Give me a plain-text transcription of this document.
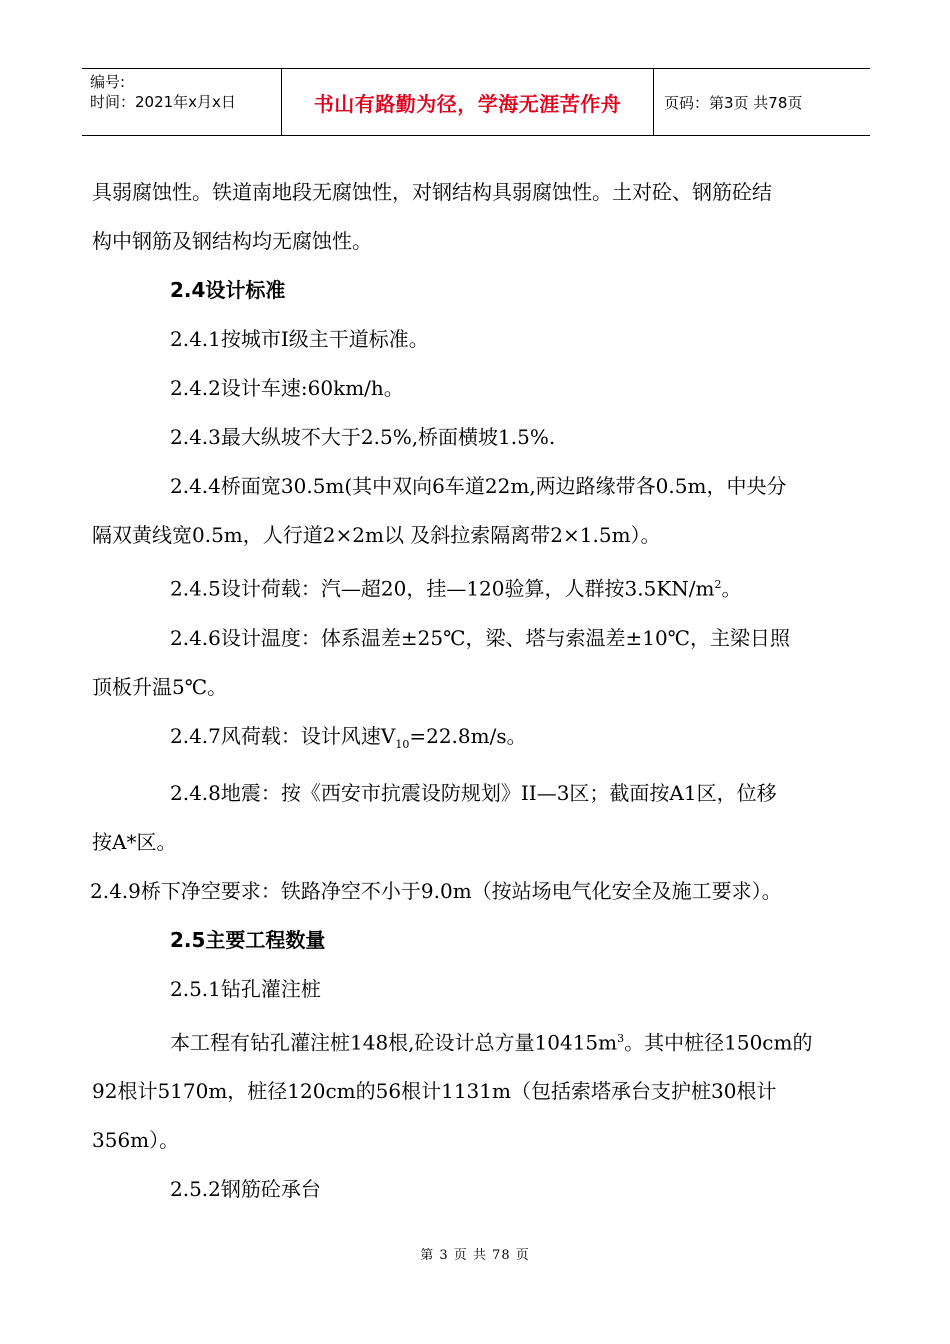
编号:
时间：2021年x月x日	书山有路勤为径，学海无涯苦作舟	页码：第3页 共78页

具弱腐蚀性。铁道南地段无腐蚀性，对钢结构具弱腐蚀性。土对砼、钢筋砼结

构中钢筋及钢结构均无腐蚀性。

2.4设计标准

2.4.1按城市I级主干道标准。

2.4.2设计车速:60km/h。

2.4.3最大纵坡不大于2.5%,桥面横坡1.5%.

2.4.4桥面宽30.5m(其中双向6车道22m,两边路缘带各0.5m，中央分

隔双黄线宽0.5m，人行道2×2m以 及斜拉索隔离带2×1.5m）。

2.4.5设计荷载：汽—超20，挂—120验算，人群按$3.5KN/m^2$。

2.4.6设计温度：体系温差±25℃，梁、塔与索温差±10℃，主梁日照

顶板升温5℃。

2.4.7风荷载：设计风速$V_{10}=22.8m/s$。

2.4.8地震：按《西安市抗震设防规划》II—3区；截面按A1区，位移

按A*区。

2.4.9桥下净空要求：铁路净空不小于9.0m（按站场电气化安全及施工要求）。

2.5主要工程数量

2.5.1钻孔灌注桩

本工程有钻孔灌注桩148根,砼设计总方量$10415m^3$。其中桩径150cm的

92根计5170m，桩径120cm的56根计1131m（包括索塔承台支护桩30根计

356m）。

2.5.2钢筋砼承台

第 3 页 共 78 页
